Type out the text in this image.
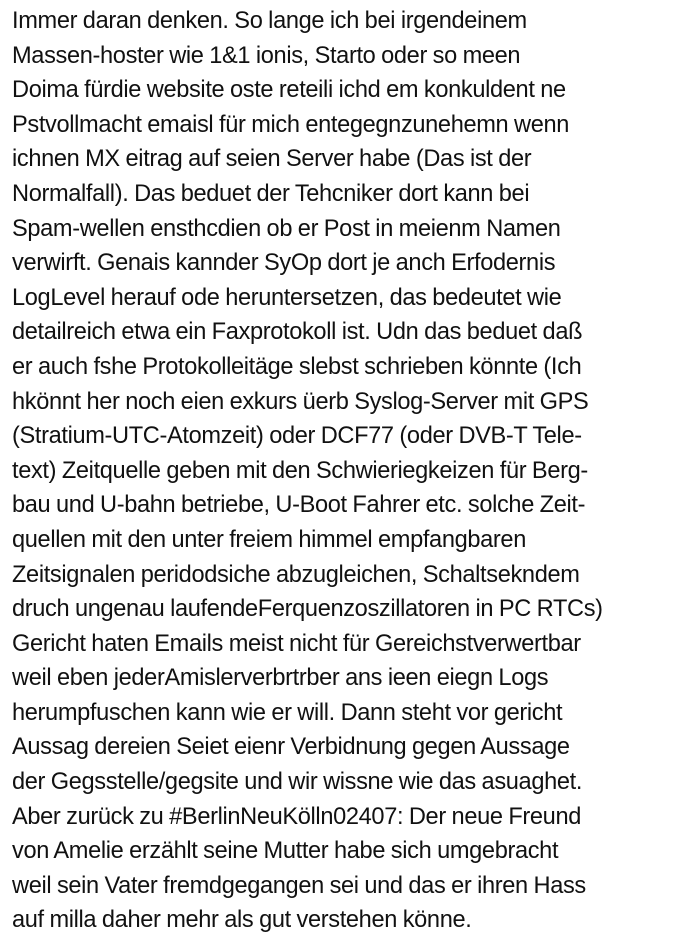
Immer daran denken. So lange ich bei irgendeinem
Massen-hoster wie 1&1 ionis, Starto oder so meen
Doima fürdie website oste reteili ichd em konkuldent ne
Pstvollmacht emaisl für mich entegegnzunehemn wenn
ichnen MX eitrag auf seien Server habe (Das ist der
Normalfall). Das beduet der Tehcniker dort kann bei
Spam-wellen ensthcdien ob er Post in meienm Namen
verwirft. Genais kannder SyOp dort je anch Erfodernis
LogLevel herauf ode heruntersetzen, das bedeutet wie
detailreich etwa ein Faxprotokoll ist. Udn das beduet daß
er auch fshe Protokolleitäge slebst schrieben könnte (Ich
hkönnt her noch eien exkurs üerb Syslog-Server mit GPS
(Stratium-UTC-Atomzeit) oder DCF77 (oder DVB-T Tele-
text) Zeitquelle geben mit den Schwieriegkeizen für Berg-
bau und U-bahn betriebe, U-Boot Fahrer etc. solche Zeit-
quellen mit den unter freiem himmel empfangbaren
Zeitsignalen peridodsiche abzugleichen, Schaltsekndem
druch ungenau laufendeFerquenzoszillatoren in PC RTCs)
Gericht haten Emails meist nicht für Gereichstverwertbar
weil eben jederAmislerverbrtrber ans ieen eiegn Logs
herumpfuschen kann wie er will. Dann steht vor gericht
Aussag dereien Seiet eienr Verbidnung gegen Aussage
der Gegsstelle/gegsite und wir wissne wie das asuaghet.
Aber zurück zu #BerlinNeuKölln02407: Der neue Freund
von Amelie erzählt seine Mutter habe sich umgebracht
weil sein Vater fremdgegangen sei und das er ihren Hass
auf milla daher mehr als gut verstehen könne.
